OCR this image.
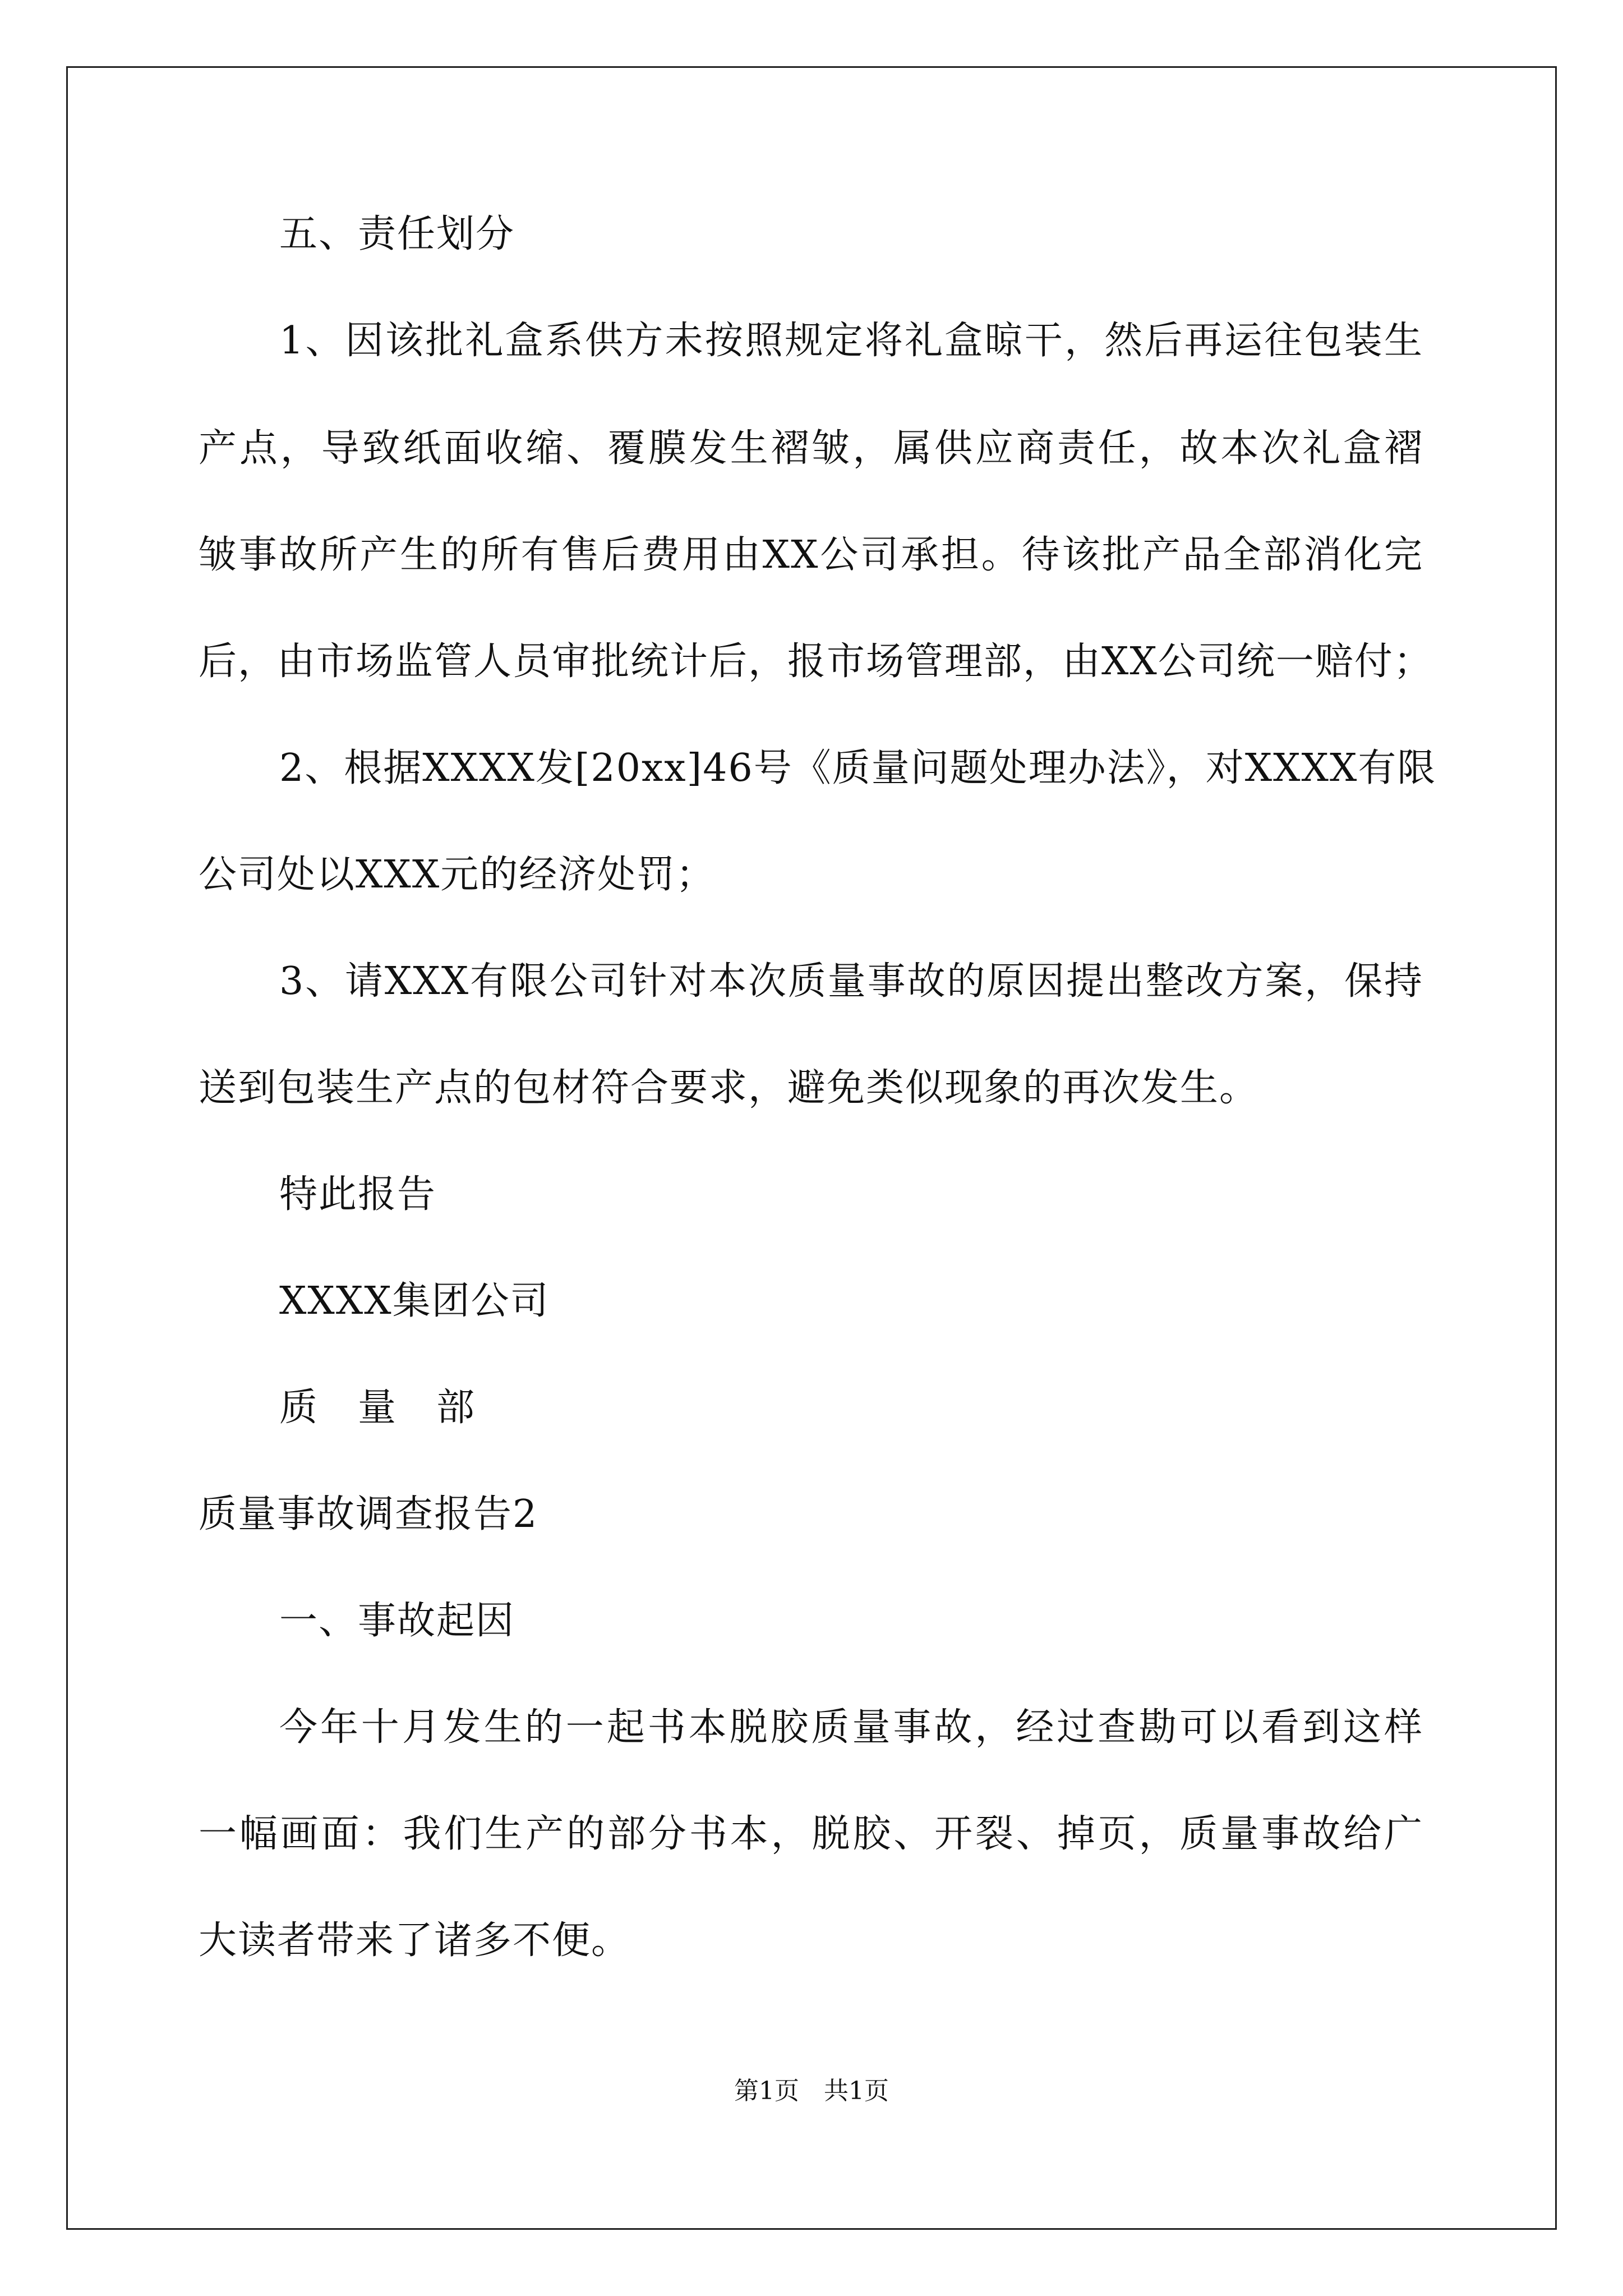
五、责任划分
1、因该批礼盒系供方未按照规定将礼盒晾干，然后再运往包装生
产点，导致纸面收缩、覆膜发生褶皱，属供应商责任，故本次礼盒褶
皱事故所产生的所有售后费用由XX公司承担。待该批产品全部消化完
后，由市场监管人员审批统计后，报市场管理部，由XX公司统一赔付；
2、根据XXXX发[20xx]46号《质量问题处理办法》，对XXXX有限
公司处以XXX元的经济处罚；
3、请XXX有限公司针对本次质量事故的原因提出整改方案，保持
送到包装生产点的包材符合要求，避免类似现象的再次发生。
特此报告
XXXX集团公司
质　量　部
质量事故调查报告2
一、事故起因
今年十月发生的一起书本脱胶质量事故，经过查勘可以看到这样
一幅画面：我们生产的部分书本，脱胶、开裂、掉页，质量事故给广
大读者带来了诸多不便。
第1页　共1页
